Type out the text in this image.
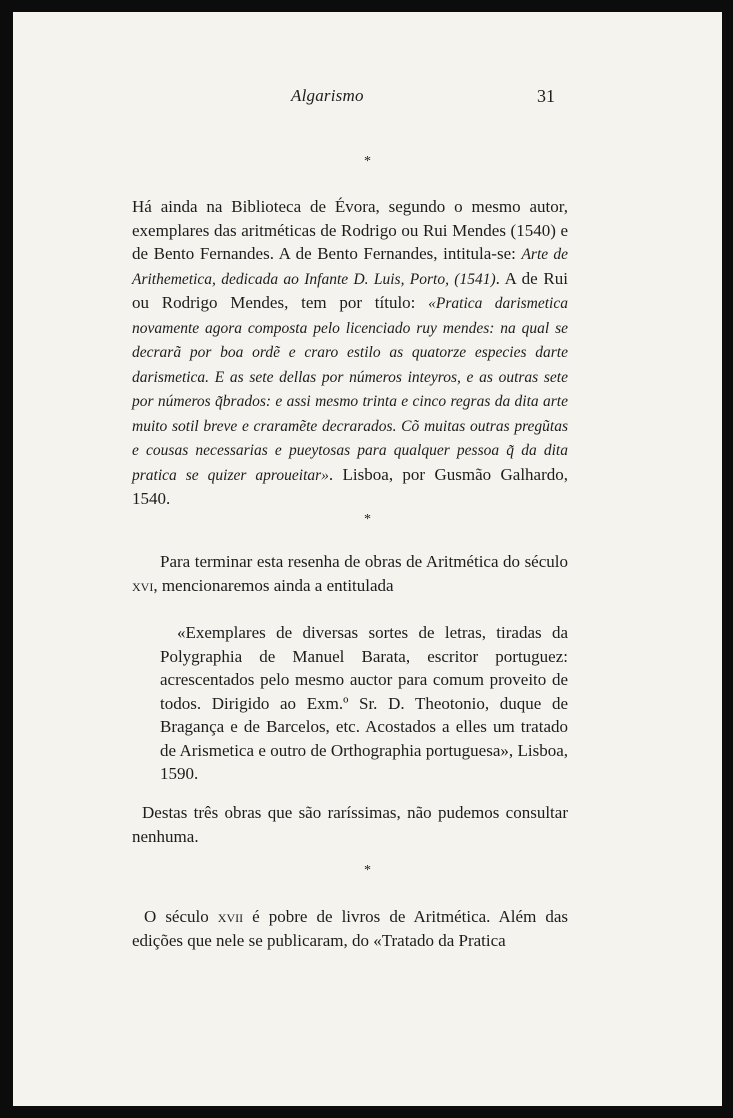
Algarismo	31
*

Há ainda na Biblioteca de Évora, segundo o mesmo autor, exemplares das aritméticas de Rodrigo ou Rui Mendes (1540) e de Bento Fernandes. A de Bento Fernandes, intitula-se: Arte de Arithemetica, dedicada ao Infante D. Luis, Porto, (1541). A de Rui ou Rodrigo Mendes, tem por título: «Pratica darismetica novamente agora composta pelo licenciado ruy mendes: na qual se decrarã por boa ordẽ e craro estilo as quatorze especies darte darismetica. E as sete dellas por números inteyros, e as outras sete por números q̃brados: e assi mesmo trinta e cinco regras da dita arte muito sotil breve e craramẽte decrarados. Cõ muitas outras pregũtas e cousas necessarias e pueytosas para qualquer pessoa q̃ da dita pratica se quizer aproueitar». Lisboa, por Gusmão Galhardo, 1540.

*

Para terminar esta resenha de obras de Aritmética do século xvi, mencionaremos ainda a entitulada

«Exemplares de diversas sortes de letras, tiradas da Polygraphia de Manuel Barata, escritor portuguez: acrescentados pelo mesmo auctor para comum proveito de todos. Dirigido ao Exm.º Sr. D. Theotonio, duque de Bragança e de Barcelos, etc. Acostados a elles um tratado de Arismetica e outro de Orthographia portuguesa», Lisboa, 1590.

Destas três obras que são raríssimas, não pudemos consultar nenhuma.

*

O século xvii é pobre de livros de Aritmética. Além das edições que nele se publicaram, do «Tratado da Pratica
